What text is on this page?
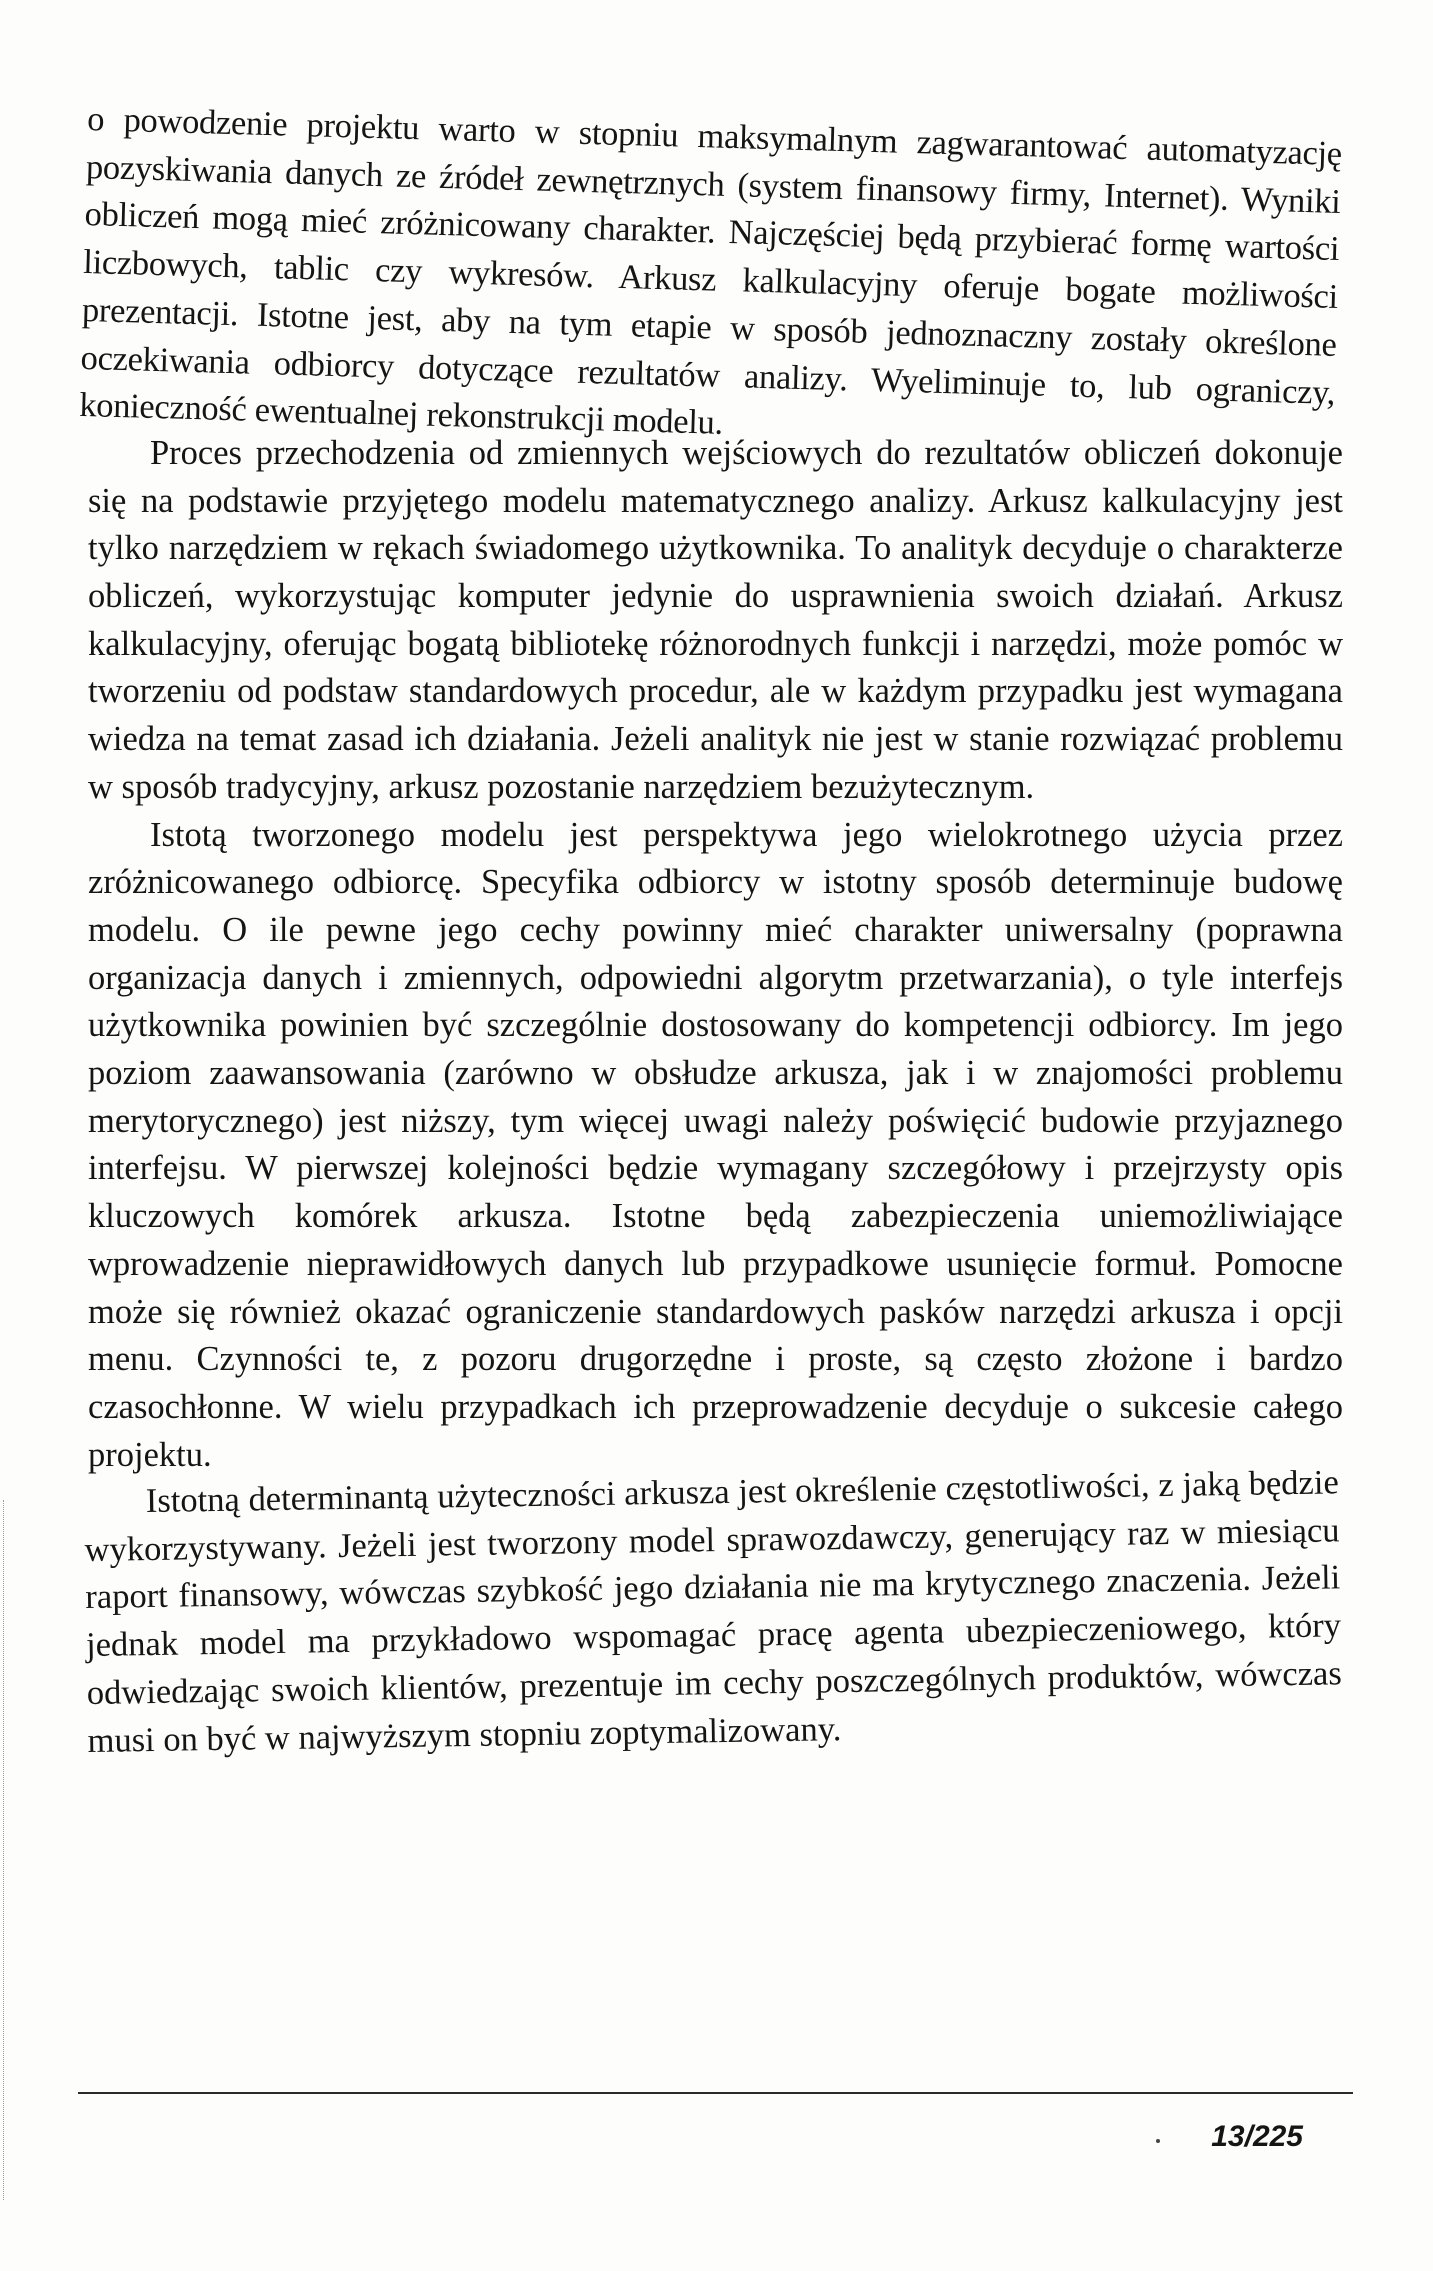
o powodzenie projektu warto w stopniu maksymalnym zagwarantować automatyzację pozyskiwania danych ze źródeł zewnętrznych (system finansowy firmy, Internet). Wyniki obliczeń mogą mieć zróżnicowany charakter. Najczęściej będą przybierać formę wartości liczbowych, tablic czy wykresów. Arkusz kalkulacyjny oferuje bogate możliwości prezentacji. Istotne jest, aby na tym etapie w sposób jednoznaczny zostały określone oczekiwania odbiorcy dotyczące rezultatów analizy. Wyeliminuje to, lub ograniczy, konieczność ewentualnej rekonstrukcji modelu.

Proces przechodzenia od zmiennych wejściowych do rezultatów obliczeń dokonuje się na podstawie przyjętego modelu matematycznego analizy. Arkusz kalkulacyjny jest tylko narzędziem w rękach świadomego użytkownika. To analityk decyduje o charakterze obliczeń, wykorzystując komputer jedynie do usprawnienia swoich działań. Arkusz kalkulacyjny, oferując bogatą bibliotekę różnorodnych funkcji i narzędzi, może pomóc w tworzeniu od podstaw standardowych procedur, ale w każdym przypadku jest wymagana wiedza na temat zasad ich działania. Jeżeli analityk nie jest w stanie rozwiązać problemu w sposób tradycyjny, arkusz pozostanie narzędziem bezużytecznym.

Istotą tworzonego modelu jest perspektywa jego wielokrotnego użycia przez zróżnicowanego odbiorcę. Specyfika odbiorcy w istotny sposób determinuje budowę modelu. O ile pewne jego cechy powinny mieć charakter uniwersalny (poprawna organizacja danych i zmiennych, odpowiedni algorytm przetwarzania), o tyle interfejs użytkownika powinien być szczególnie dostosowany do kompetencji odbiorcy. Im jego poziom zaawansowania (zarówno w obsłudze arkusza, jak i w znajomości problemu merytorycznego) jest niższy, tym więcej uwagi należy poświęcić budowie przyjaznego interfejsu. W pierwszej kolejności będzie wymagany szczegółowy i przejrzysty opis kluczowych komórek arkusza. Istotne będą zabezpieczenia uniemożliwiające wprowadzenie nieprawidłowych danych lub przypadkowe usunięcie formuł. Pomocne może się również okazać ograniczenie standardowych pasków narzędzi arkusza i opcji menu. Czynności te, z pozoru drugorzędne i proste, są często złożone i bardzo czasochłonne. W wielu przypadkach ich przeprowadzenie decyduje o sukcesie całego projektu.

Istotną determinantą użyteczności arkusza jest określenie częstotliwości, z jaką będzie wykorzystywany. Jeżeli jest tworzony model sprawozdawczy, generujący raz w miesiącu raport finansowy, wówczas szybkość jego działania nie ma krytycznego znaczenia. Jeżeli jednak model ma przykładowo wspomagać pracę agenta ubezpieczeniowego, który odwiedzając swoich klientów, prezentuje im cechy poszczególnych produktów, wówczas musi on być w najwyższym stopniu zoptymalizowany.

13/225
